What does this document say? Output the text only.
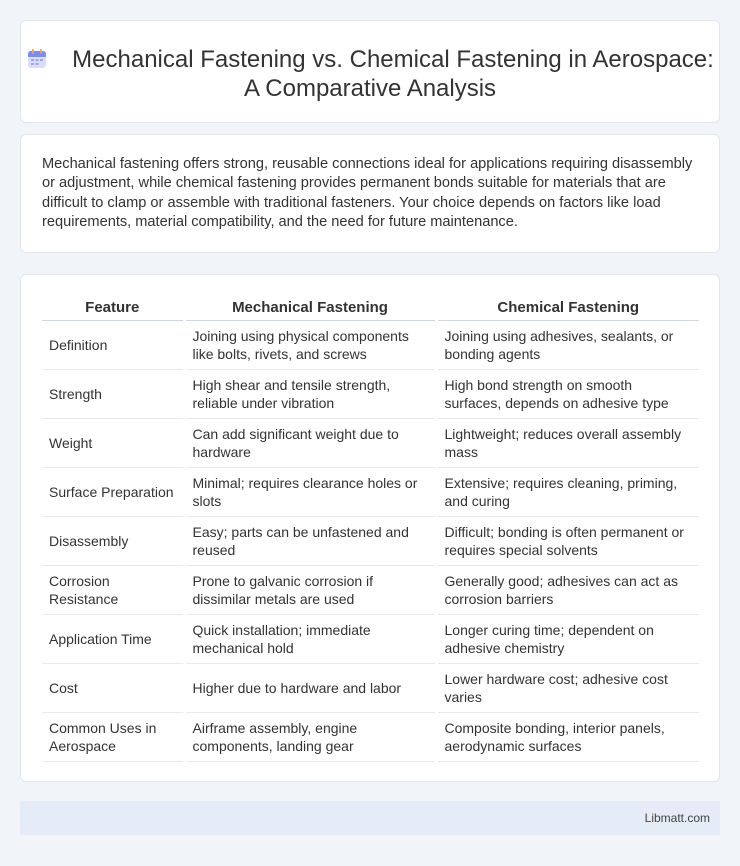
Mechanical Fastening vs. Chemical Fastening in Aerospace: A Comparative Analysis

Mechanical fastening offers strong, reusable connections ideal for applications requiring disassembly or adjustment, while chemical fastening provides permanent bonds suitable for materials that are difficult to clamp or assemble with traditional fasteners. Your choice depends on factors like load requirements, material compatibility, and the need for future maintenance.

Feature	Mechanical Fastening	Chemical Fastening
Definition	Joining using physical components like bolts, rivets, and screws	Joining using adhesives, sealants, or bonding agents
Strength	High shear and tensile strength, reliable under vibration	High bond strength on smooth surfaces, depends on adhesive type
Weight	Can add significant weight due to hardware	Lightweight; reduces overall assembly mass
Surface Preparation	Minimal; requires clearance holes or slots	Extensive; requires cleaning, priming, and curing
Disassembly	Easy; parts can be unfastened and reused	Difficult; bonding is often permanent or requires special solvents
Corrosion Resistance	Prone to galvanic corrosion if dissimilar metals are used	Generally good; adhesives can act as corrosion barriers
Application Time	Quick installation; immediate mechanical hold	Longer curing time; dependent on adhesive chemistry
Cost	Higher due to hardware and labor	Lower hardware cost; adhesive cost varies
Common Uses in Aerospace	Airframe assembly, engine components, landing gear	Composite bonding, interior panels, aerodynamic surfaces
Libmatt.com
